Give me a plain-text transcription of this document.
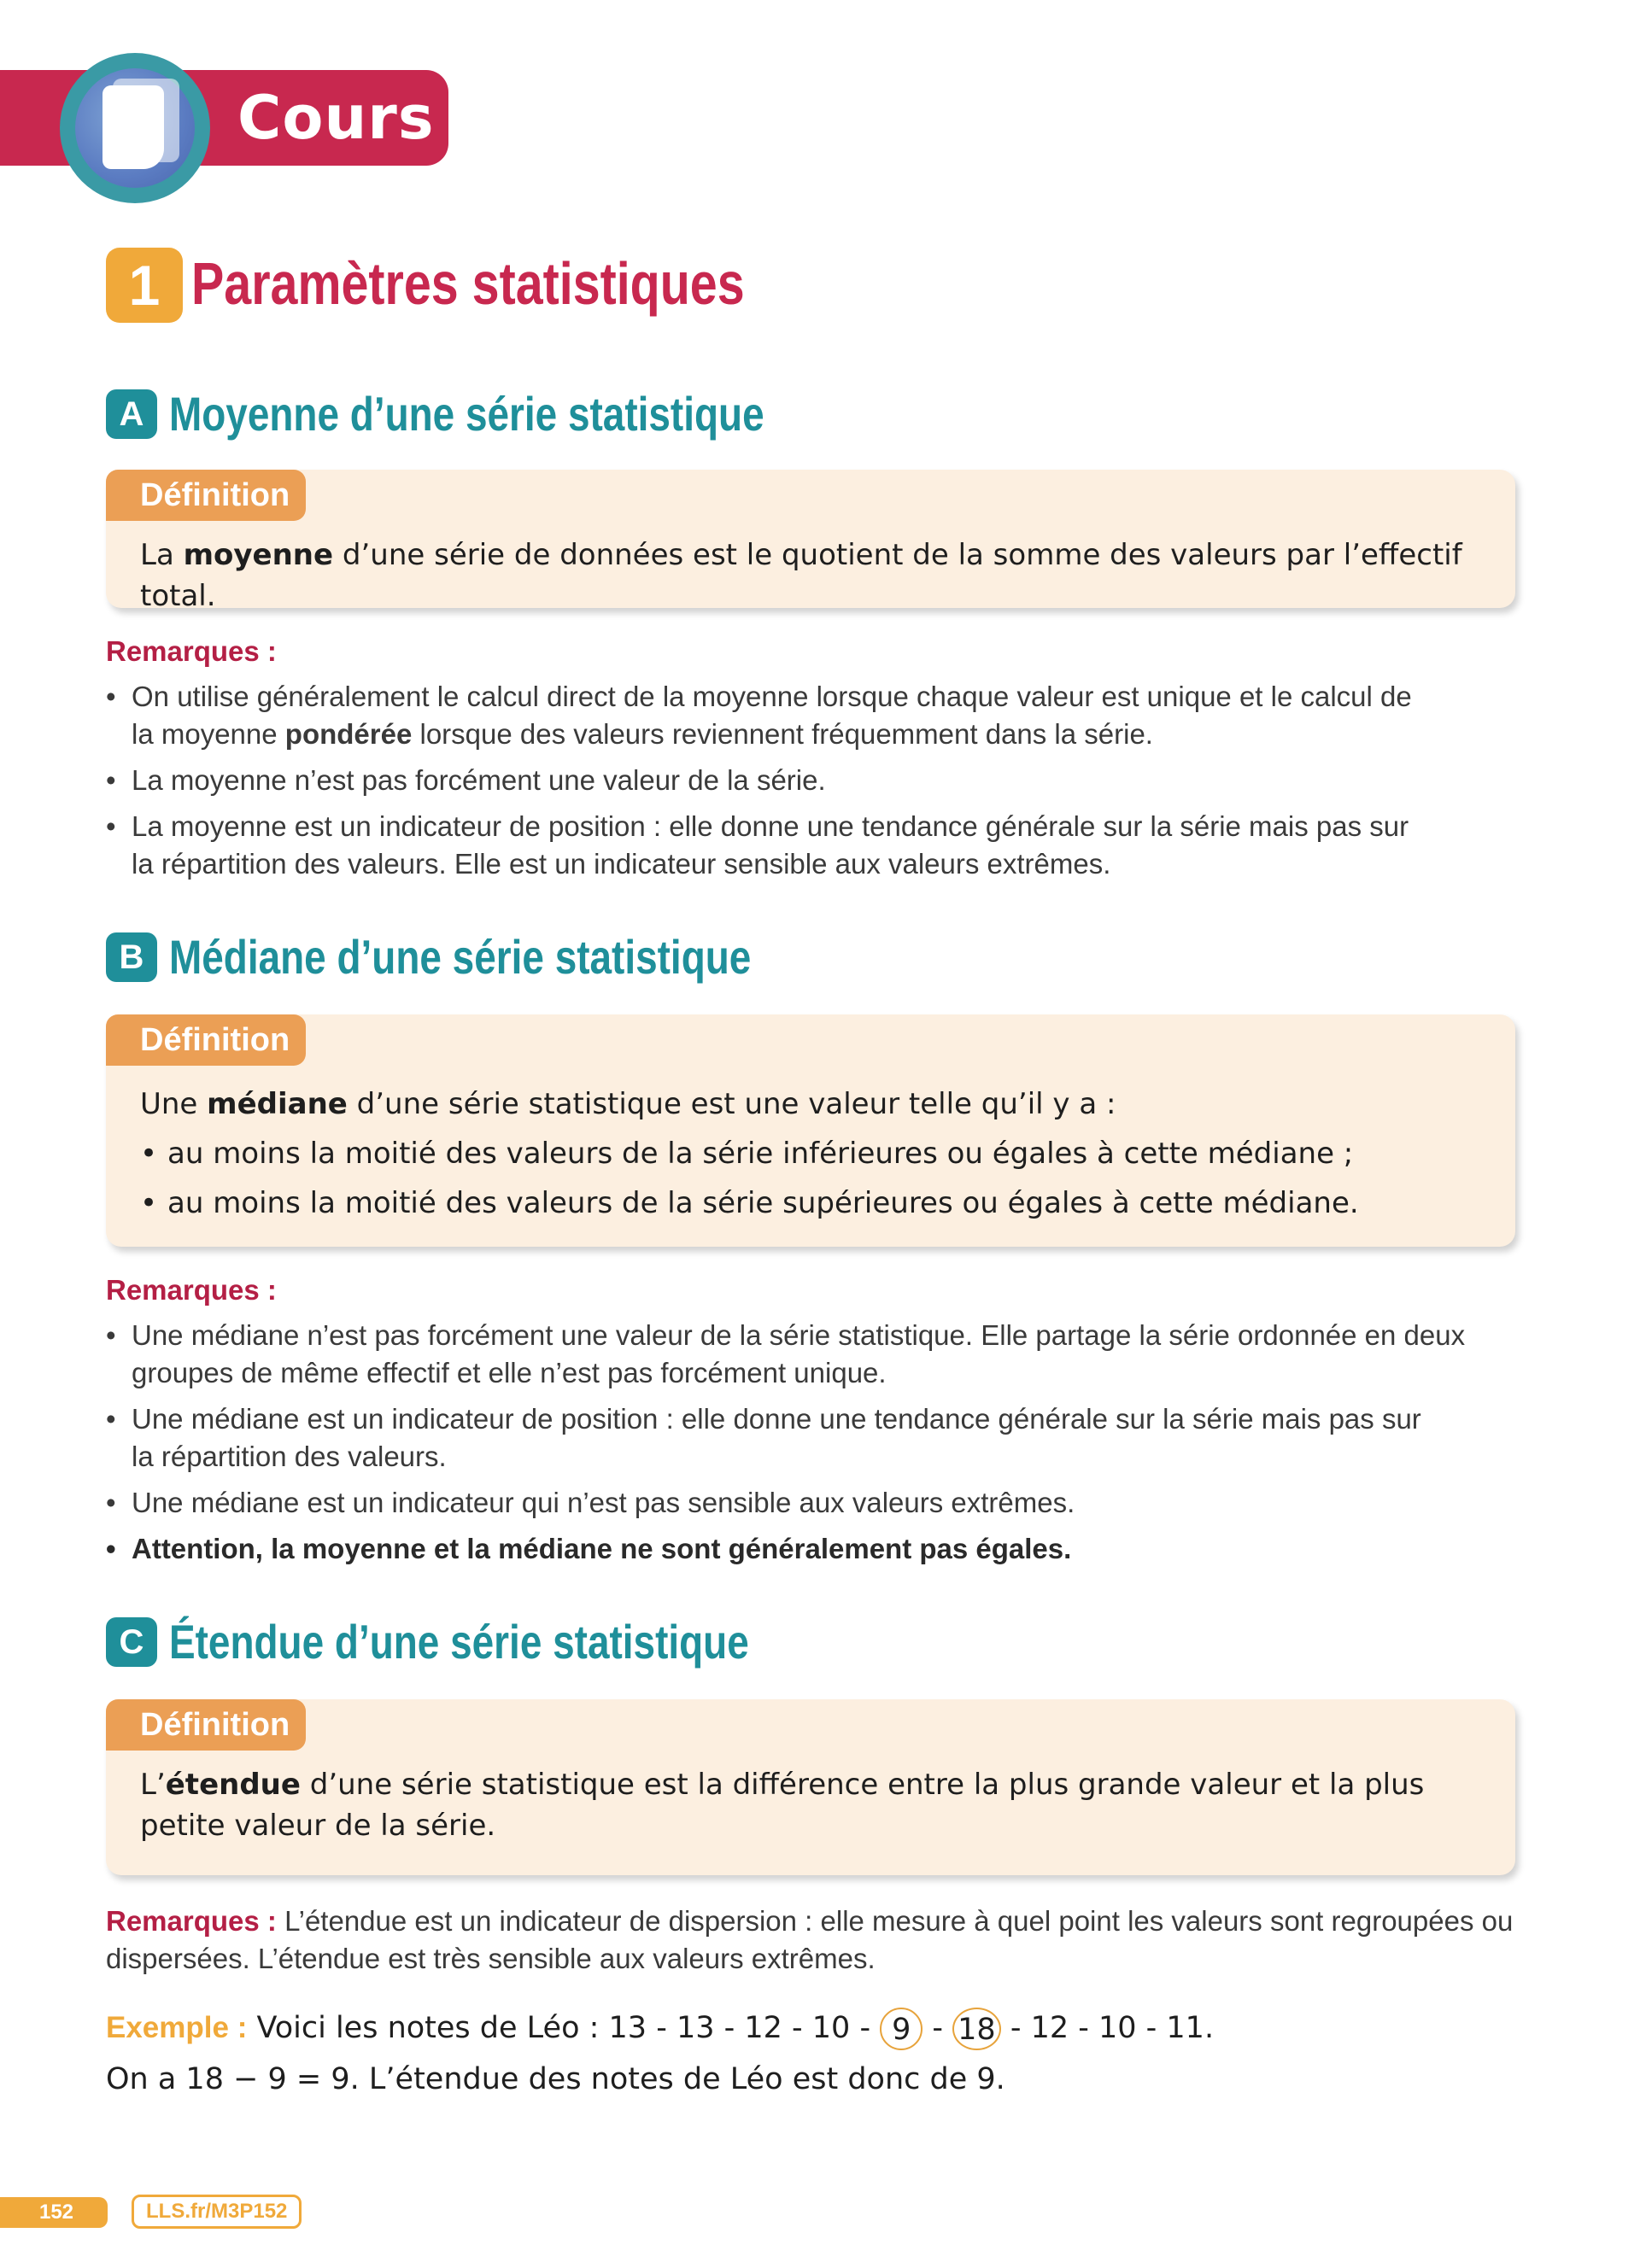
Cours
1 Paramètres statistiques
A Moyenne d’une série statistique
Définition
La moyenne d’une série de données est le quotient de la somme des valeurs par l’effectif total.
Remarques :
• On utilise généralement le calcul direct de la moyenne lorsque chaque valeur est unique et le calcul de la moyenne pondérée lorsque des valeurs reviennent fréquemment dans la série.
• La moyenne n’est pas forcément une valeur de la série.
• La moyenne est un indicateur de position : elle donne une tendance générale sur la série mais pas sur la répartition des valeurs. Elle est un indicateur sensible aux valeurs extrêmes.
B Médiane d’une série statistique
Définition
Une médiane d’une série statistique est une valeur telle qu’il y a :
• au moins la moitié des valeurs de la série inférieures ou égales à cette médiane ;
• au moins la moitié des valeurs de la série supérieures ou égales à cette médiane.
Remarques :
• Une médiane n’est pas forcément une valeur de la série statistique. Elle partage la série ordonnée en deux groupes de même effectif et elle n’est pas forcément unique.
• Une médiane est un indicateur de position : elle donne une tendance générale sur la série mais pas sur la répartition des valeurs.
• Une médiane est un indicateur qui n’est pas sensible aux valeurs extrêmes.
• Attention, la moyenne et la médiane ne sont généralement pas égales.
C Étendue d’une série statistique
Définition
L’étendue d’une série statistique est la différence entre la plus grande valeur et la plus petite valeur de la série.
Remarques : L’étendue est un indicateur de dispersion : elle mesure à quel point les valeurs sont regroupées ou dispersées. L’étendue est très sensible aux valeurs extrêmes.
Exemple : Voici les notes de Léo : 13 - 13 - 12 - 10 - 9 - 18 - 12 - 10 - 11.
On a 18 − 9 = 9. L’étendue des notes de Léo est donc de 9.
152	LLS.fr/M3P152
